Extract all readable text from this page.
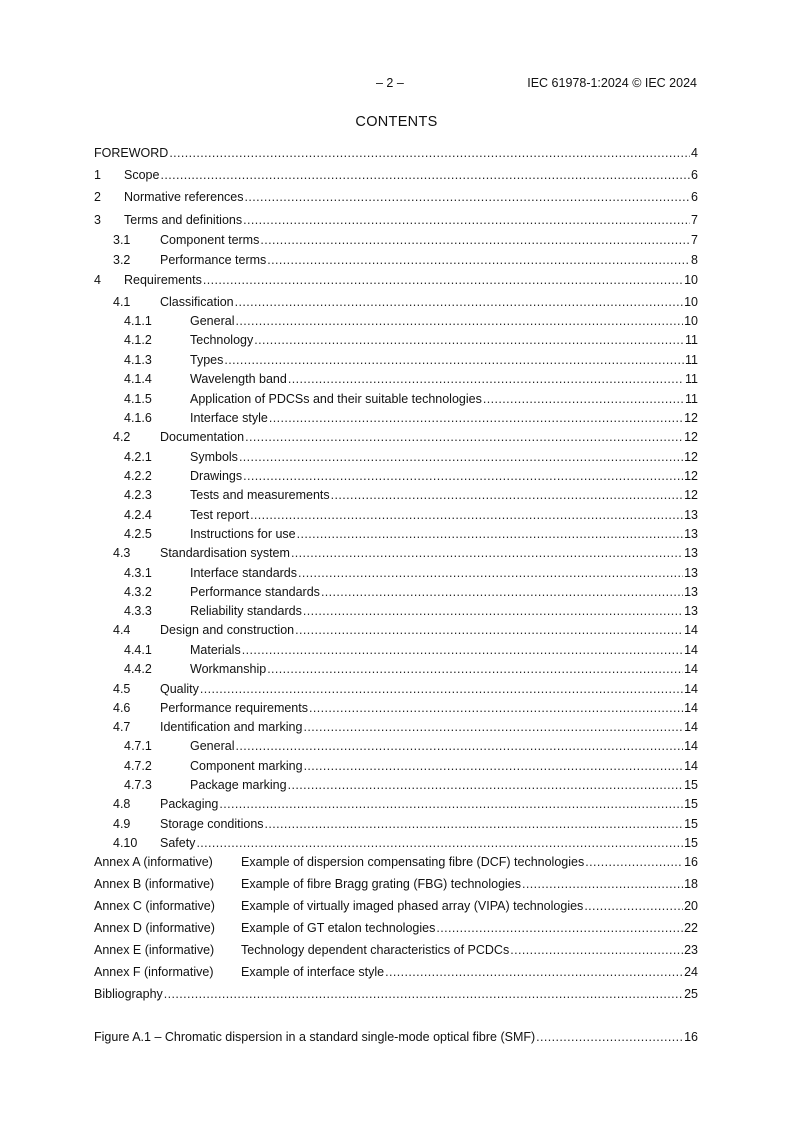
– 2 –	IEC 61978-1:2024 © IEC 2024
CONTENTS
FOREWORD .....	4
1	Scope .....	6
2	Normative references .....	6
3	Terms and definitions .....	7
3.1	Component terms .....	7
3.2	Performance terms .....	8
4	Requirements .....	10
4.1	Classification .....	10
4.1.1	General .....	10
4.1.2	Technology .....	11
4.1.3	Types .....	11
4.1.4	Wavelength band .....	11
4.1.5	Application of PDCSs and their suitable technologies .....	11
4.1.6	Interface style .....	12
4.2	Documentation .....	12
4.2.1	Symbols .....	12
4.2.2	Drawings .....	12
4.2.3	Tests and measurements .....	12
4.2.4	Test report .....	13
4.2.5	Instructions for use .....	13
4.3	Standardisation system .....	13
4.3.1	Interface standards .....	13
4.3.2	Performance standards .....	13
4.3.3	Reliability standards .....	13
4.4	Design and construction .....	14
4.4.1	Materials .....	14
4.4.2	Workmanship .....	14
4.5	Quality .....	14
4.6	Performance requirements .....	14
4.7	Identification and marking .....	14
4.7.1	General .....	14
4.7.2	Component marking .....	14
4.7.3	Package marking .....	15
4.8	Packaging .....	15
4.9	Storage conditions .....	15
4.10	Safety .....	15
Annex A (informative)	Example of dispersion compensating fibre (DCF) technologies .....	16
Annex B (informative)	Example of fibre Bragg grating (FBG) technologies .....	18
Annex C (informative)	Example of virtually imaged phased array (VIPA) technologies .....	20
Annex D (informative)	Example of GT etalon technologies .....	22
Annex E (informative)	Technology dependent characteristics of PCDCs .....	23
Annex F (informative)	Example of interface style .....	24
Bibliography .....	25
Figure A.1 – Chromatic dispersion in a standard single-mode optical fibre (SMF) .....	16
